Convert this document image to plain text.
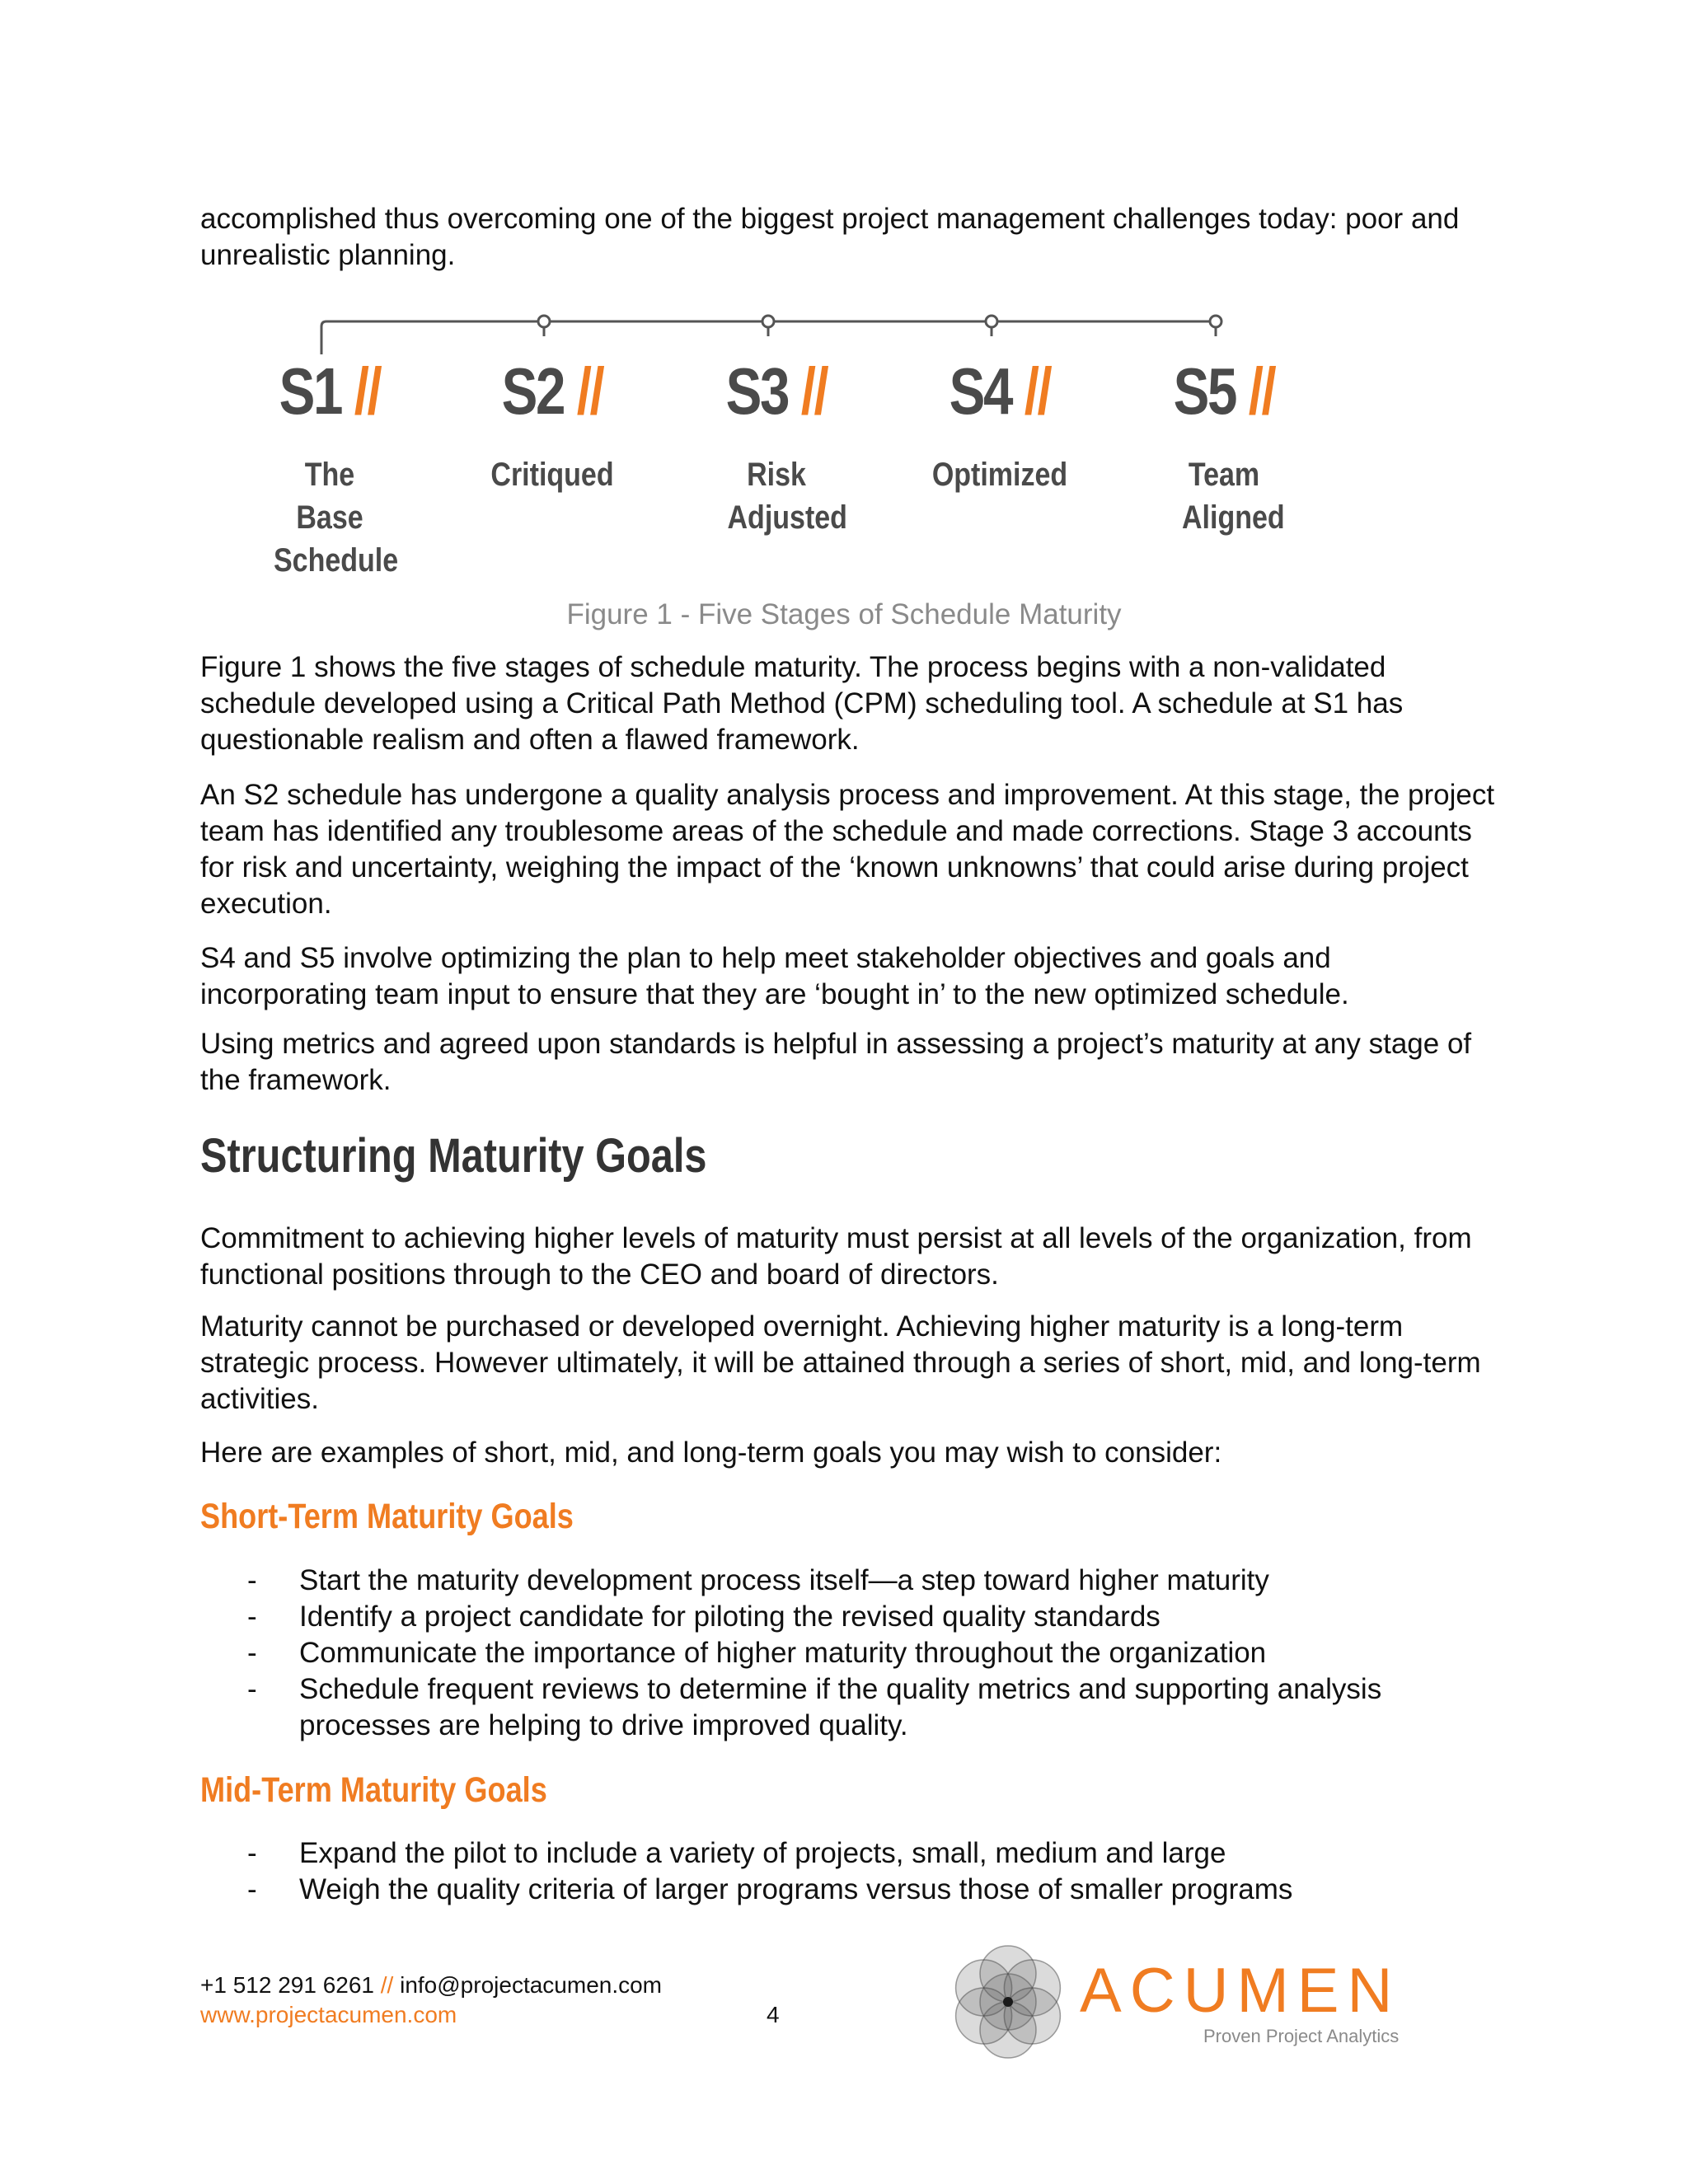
accomplished thus overcoming one of the biggest project management challenges today: poor and unrealistic planning.

S1 //
The Base Schedule
S2 //
Critiqued
S3 //
Risk Adjusted
S4 //
Optimized
S5 //
Team Aligned
Figure 1 - Five Stages of Schedule Maturity

Figure 1 shows the five stages of schedule maturity. The process begins with a non-validated schedule developed using a Critical Path Method (CPM) scheduling tool. A schedule at S1 has questionable realism and often a flawed framework.

An S2 schedule has undergone a quality analysis process and improvement. At this stage, the project team has identified any troublesome areas of the schedule and made corrections. Stage 3 accounts for risk and uncertainty, weighing the impact of the ‘known unknowns’ that could arise during project execution.

S4 and S5 involve optimizing the plan to help meet stakeholder objectives and goals and incorporating team input to ensure that they are ‘bought in’ to the new optimized schedule.

Using metrics and agreed upon standards is helpful in assessing a project’s maturity at any stage of the framework.

Structuring Maturity Goals

Commitment to achieving higher levels of maturity must persist at all levels of the organization, from functional positions through to the CEO and board of directors.

Maturity cannot be purchased or developed overnight. Achieving higher maturity is a long-term strategic process. However ultimately, it will be attained through a series of short, mid, and long-term activities.

Here are examples of short, mid, and long-term goals you may wish to consider:

Short-Term Maturity Goals
- Start the maturity development process itself—a step toward higher maturity
- Identify a project candidate for piloting the revised quality standards
- Communicate the importance of higher maturity throughout the organization
- Schedule frequent reviews to determine if the quality metrics and supporting analysis processes are helping to drive improved quality.
Mid-Term Maturity Goals
- Expand the pilot to include a variety of projects, small, medium and large
- Weigh the quality criteria of larger programs versus those of smaller programs
+1 512 291 6261 // info@projectacumen.com
www.projectacumen.com	4	ACUMEN
Proven Project Analytics
